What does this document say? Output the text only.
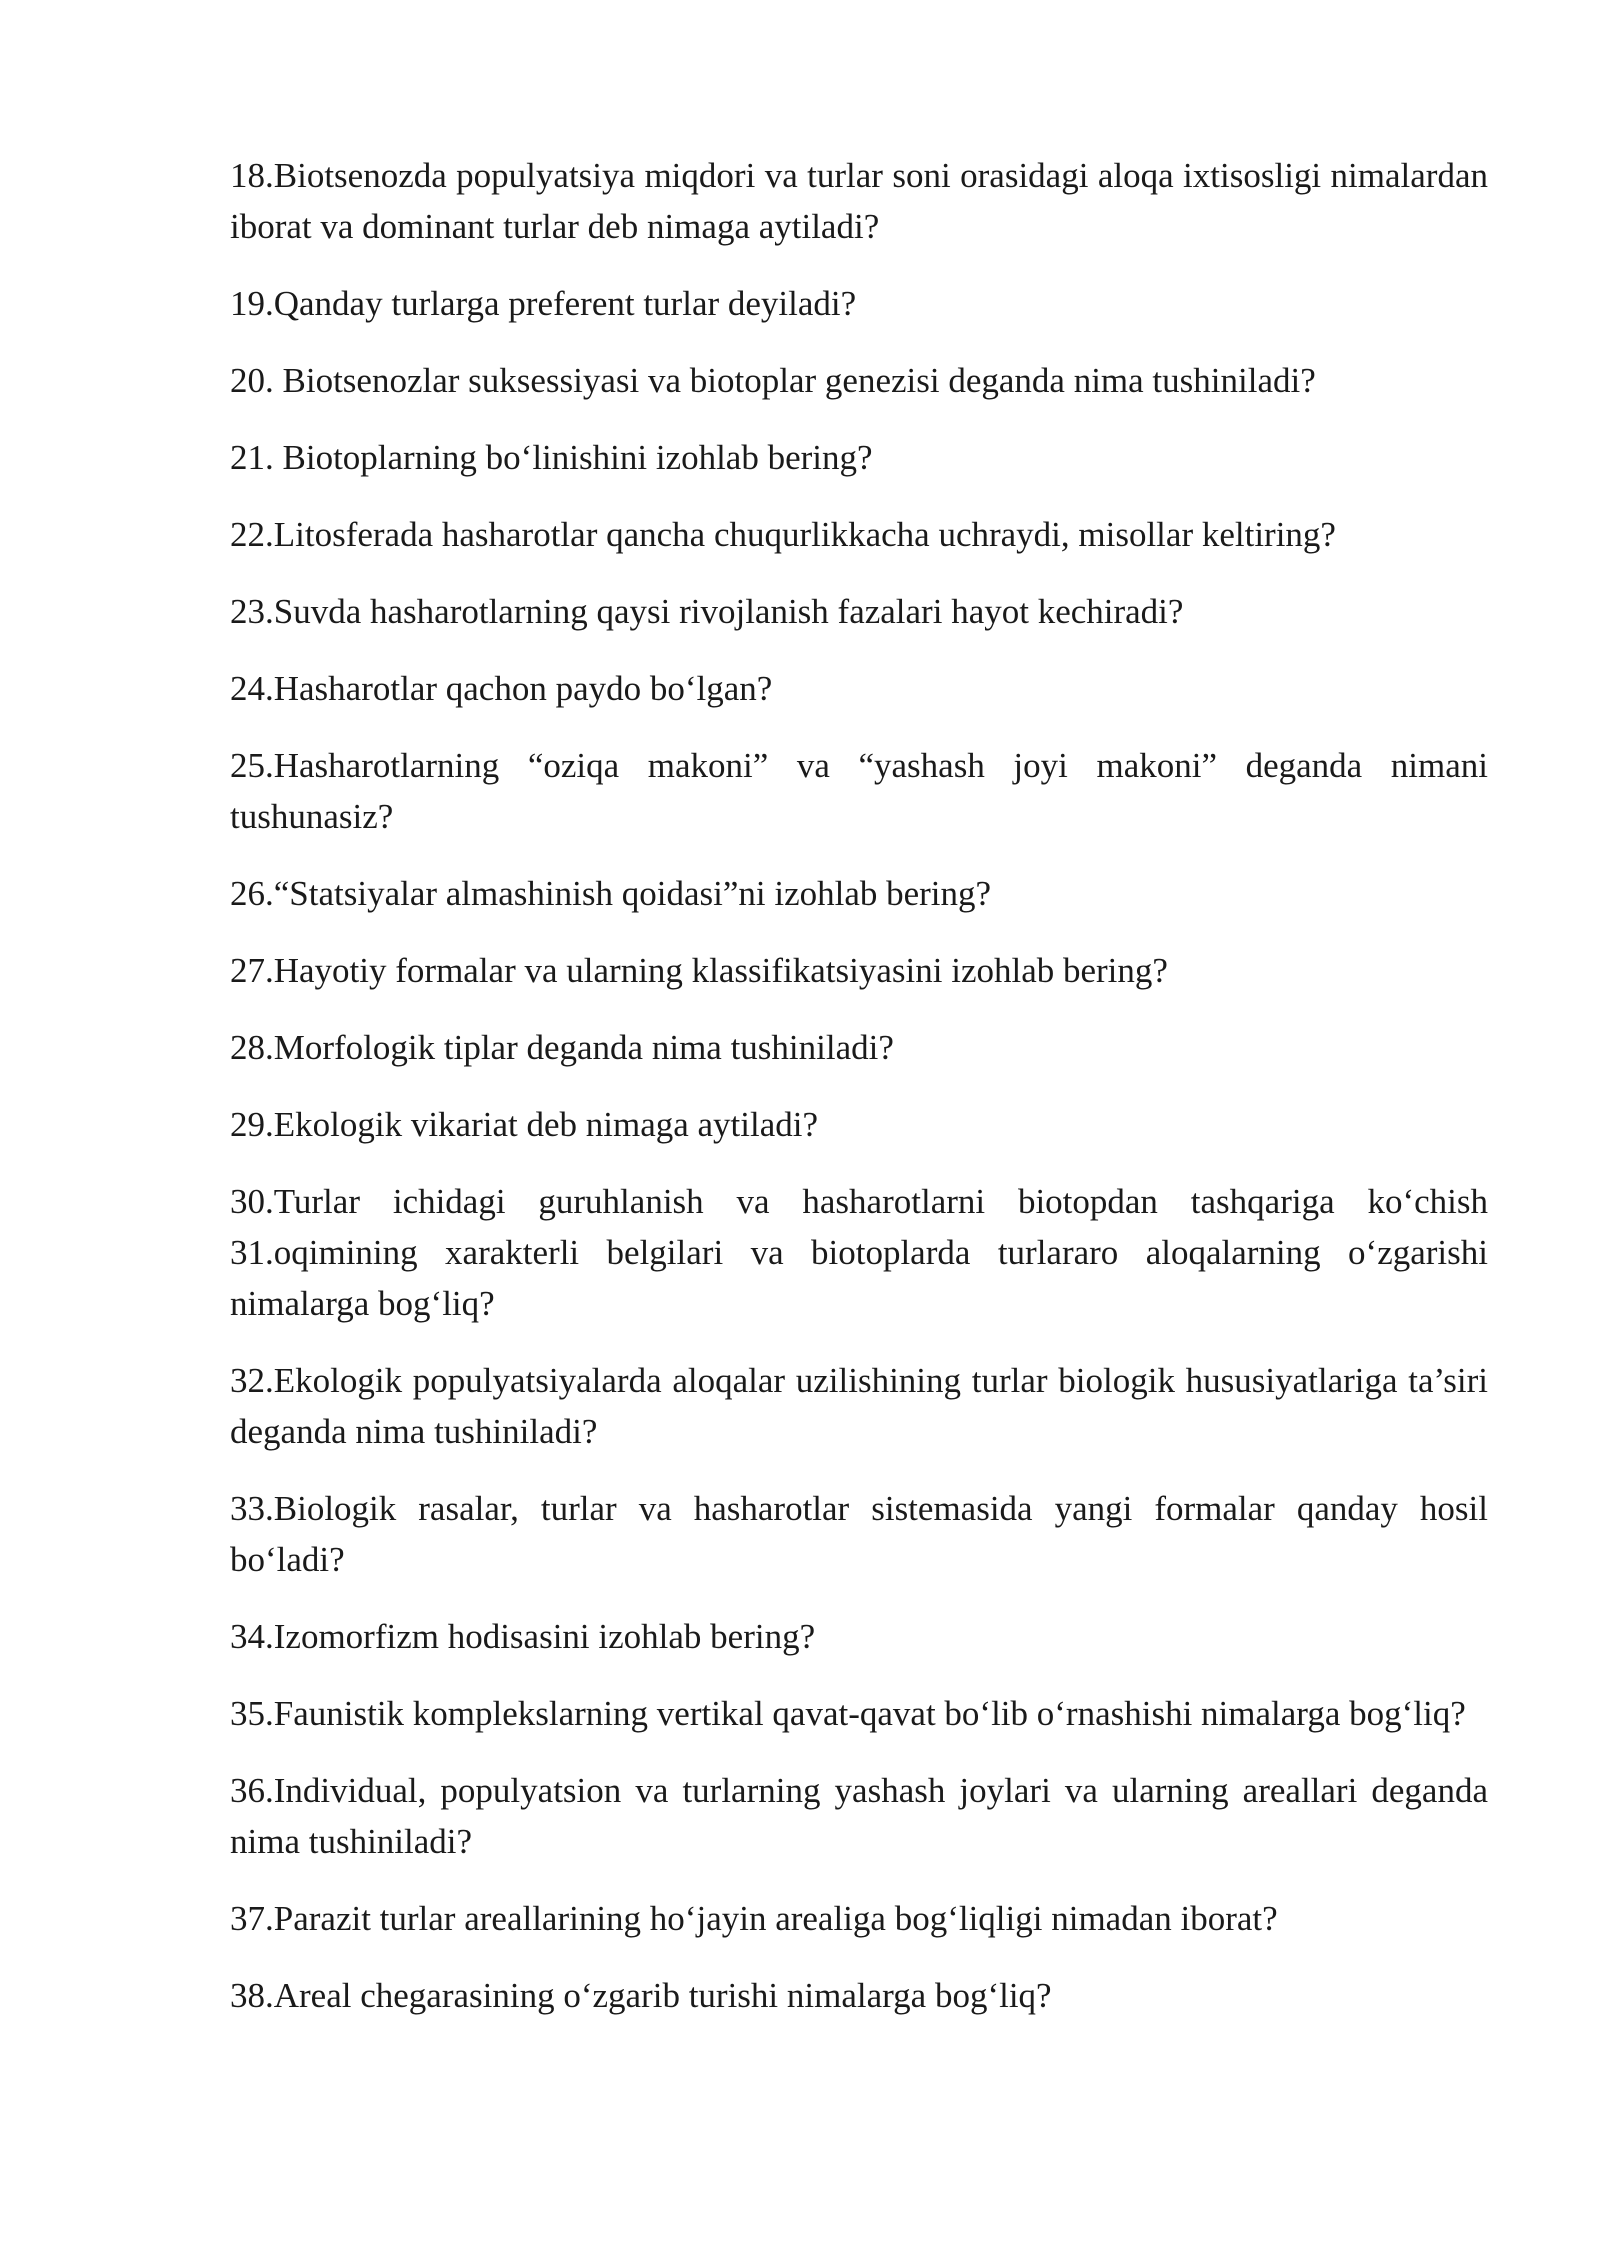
18.Biotsenozda populyatsiya miqdori va turlar soni orasidagi aloqa ixtisosligi nimalardan iborat va dominant turlar deb nimaga aytiladi?

19.Qanday turlarga preferent turlar deyiladi?

20. Biotsenozlar suksessiyasi va biotoplar genezisi deganda nima tushiniladi?

21. Biotoplarning bo‘linishini izohlab bering?

22.Litosferada hasharotlar qancha chuqurlikkacha uchraydi, misollar keltiring?

23.Suvda hasharotlarning qaysi rivojlanish fazalari hayot kechiradi?

24.Hasharotlar qachon paydo bo‘lgan?

25.Hasharotlarning “oziqa makoni” va “yashash joyi makoni” deganda nimani tushunasiz?

26.“Statsiyalar almashinish qoidasi”ni izohlab bering?

27.Hayotiy formalar va ularning klassifikatsiyasini izohlab bering?

28.Morfologik tiplar deganda nima tushiniladi?

29.Ekologik vikariat deb nimaga aytiladi?

30.Turlar ichidagi guruhlanish va hasharotlarni biotopdan tashqariga ko‘chish 31.oqimining xarakterli belgilari va biotoplarda turlararo aloqalarning o‘zgarishi nimalarga bog‘liq?

32.Ekologik populyatsiyalarda aloqalar uzilishining turlar biologik hususiyatlariga ta’siri deganda nima tushiniladi?

33.Biologik rasalar, turlar va hasharotlar sistemasida yangi formalar qanday hosil bo‘ladi?

34.Izomorfizm hodisasini izohlab bering?

35.Faunistik komplekslarning vertikal qavat-qavat bo‘lib o‘rnashishi nimalarga bog‘liq?

36.Individual, populyatsion va turlarning yashash joylari va ularning areallari deganda nima tushiniladi?

37.Parazit turlar areallarining ho‘jayin arealiga bog‘liqligi nimadan iborat?

38.Areal chegarasining o‘zgarib turishi nimalarga bog‘liq?
